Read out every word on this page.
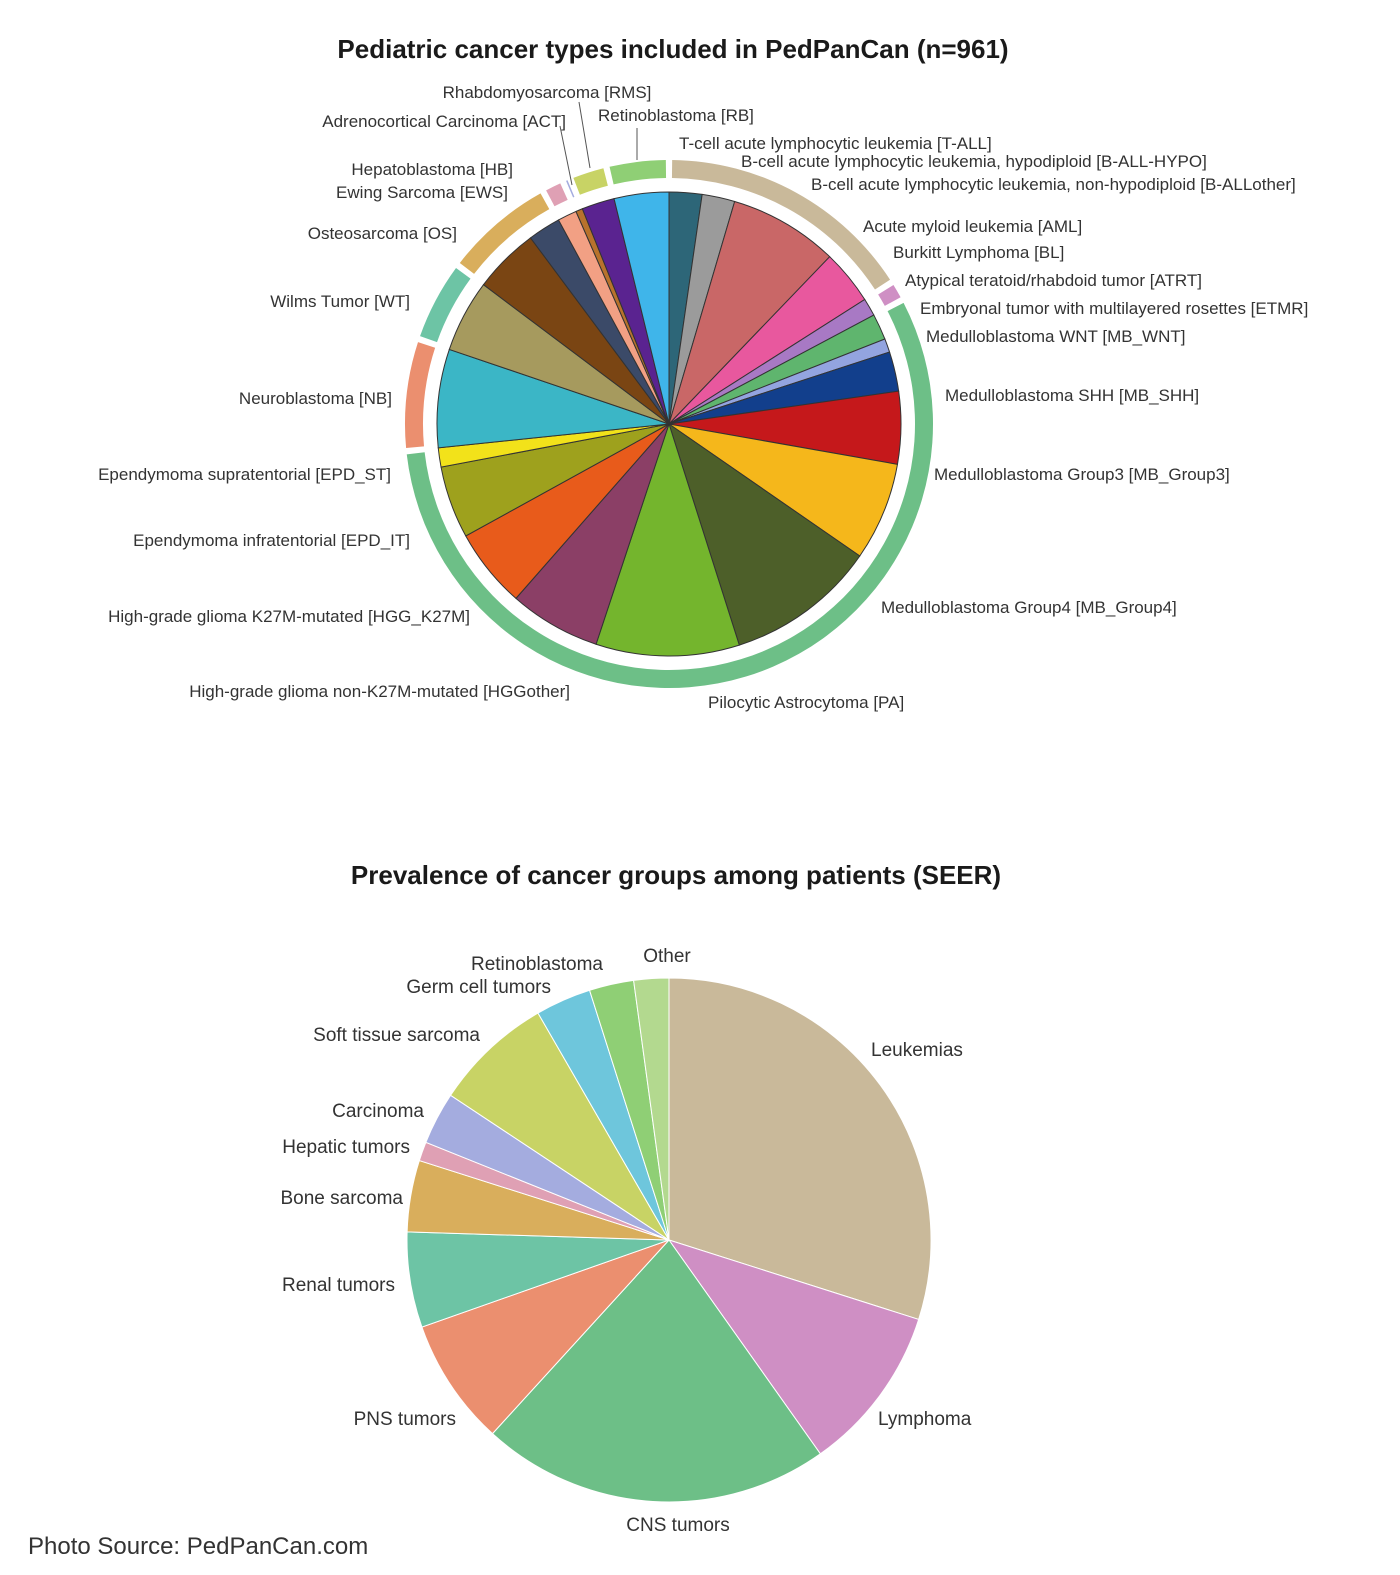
Pediatric cancer types included in PedPanCan (n=961)
Rhabdomyosarcoma [RMS]
Adrenocortical Carcinoma [ACT] Retinoblastoma [RB]
T-cell acute lymphocytic leukemia [T-ALL]
B-cell acute lymphocytic leukemia, hypodiploid [B-ALL-HYPO]
B-cell acute lymphocytic leukemia, non-hypodiploid [B-ALLother]
Hepatoblastoma [HB]
Ewing Sarcoma [EWS]
Osteosarcoma [OS]	Acute myloid leukemia [AML]
Burkitt Lymphoma [BL]
Atypical teratoid/rhabdoid tumor [ATRT]
Embryonal tumor with multilayered rosettes [ETMR]
Medulloblastoma WNT [MB_WNT]
Wilms Tumor [WT]
Neuroblastoma [NB]	Medulloblastoma SHH [MB_SHH]
Ependymoma supratentorial [EPD_ST]	Medulloblastoma Group3 [MB_Group3]
Ependymoma infratentorial [EPD_IT]
High-grade glioma K27M-mutated [HGG_K27M]	Medulloblastoma Group4 [MB_Group4]
High-grade glioma non-K27M-mutated [HGGother]
Pilocytic Astrocytoma [PA]
Prevalence of cancer groups among patients (SEER)
Leukemias
Lymphoma
CNS tumors
PNS tumors
Renal tumors
Bone sarcoma
Hepatic tumors
Carcinoma
Soft tissue sarcoma
Germ cell tumors
Retinoblastoma Other
Photo Source: PedPanCan.com
